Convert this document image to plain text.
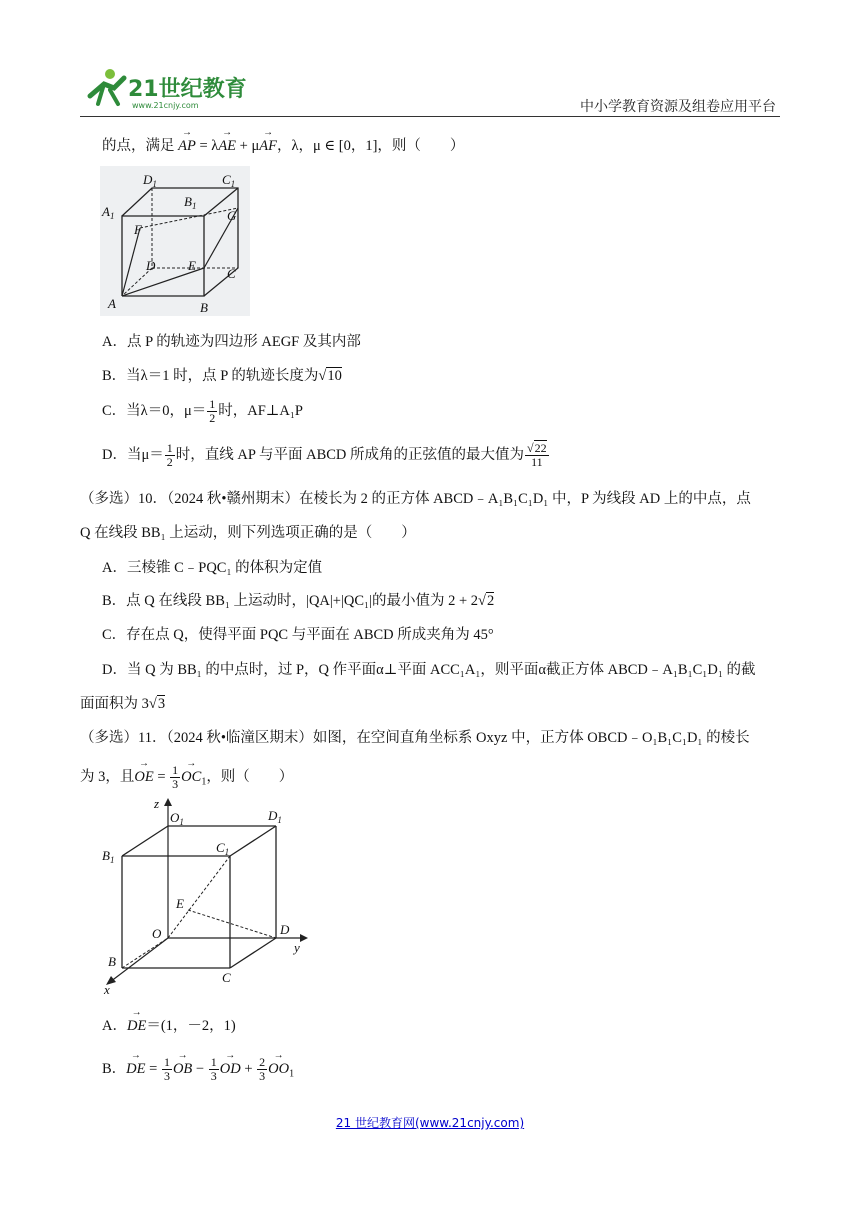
21世纪教育
www.21cnjy.com	中小学教育资源及组卷应用平台
的点，满足 → AP = λ→ AE + μ→ AF，λ，μ ∈ [0，1]，则（　　）
$D_1$	$C_1$
$A_1$
$B_1$
G
F
D	E
C
A	B
A．点 P 的轨迹为四边形 AEGF 及其内部
B．当λ＝1 时，点 P 的轨迹长度为√10
C．当λ＝0，$\mu= \frac{1}{2}$ 时，AF⊥A₁P
D．当$\mu= \frac{1}{2}$ 时，直线 AP 与平面 ABCD 所成角的正弦值的最大值为 $\frac{√22}{11}$
（多选）10．（2024 秋•赣州期末）在棱长为 2 的正方体 ABCD﹣A₁B₁C₁D₁ 中，P 为线段 AD 上的中点，点
Q 在线段 BB₁ 上运动，则下列选项正确的是（　　）
A．三棱锥 C﹣PQC₁ 的体积为定值
B．点 Q 在线段 BB₁ 上运动时，|QA|+|QC₁|的最小值为 2 + 2√2
C．存在点 Q，使得平面 PQC 与平面在 ABCD 所成夹角为 45°
D．当 Q 为 BB₁ 的中点时，过 P，Q 作平面α⊥平面 ACC₁A₁，则平面α截正方体 ABCD﹣A₁B₁C₁D₁ 的截
面面积为 3√3
（多选）11．（2024 秋•临潼区期末）如图，在空间直角坐标系 Oxyz 中，正方体 OBCD﹣O₁B₁C₁D₁ 的棱长
为 3，且→ OE = $\frac{1}{3}$
→ $OC_1$，则（　　）
z
$O_1$	$D_1$
$B_1$
$C_1$
E
O	D
y
B
C
x
A．→ DE＝(1，－2，1)
B．→ DE = $\frac{1}{3}$
→ OB − $\frac{1}{3}$
→ OD + $\frac{2}{3}$
→ $OO_1$
21 世纪教育网(www.21cnjy.com)
